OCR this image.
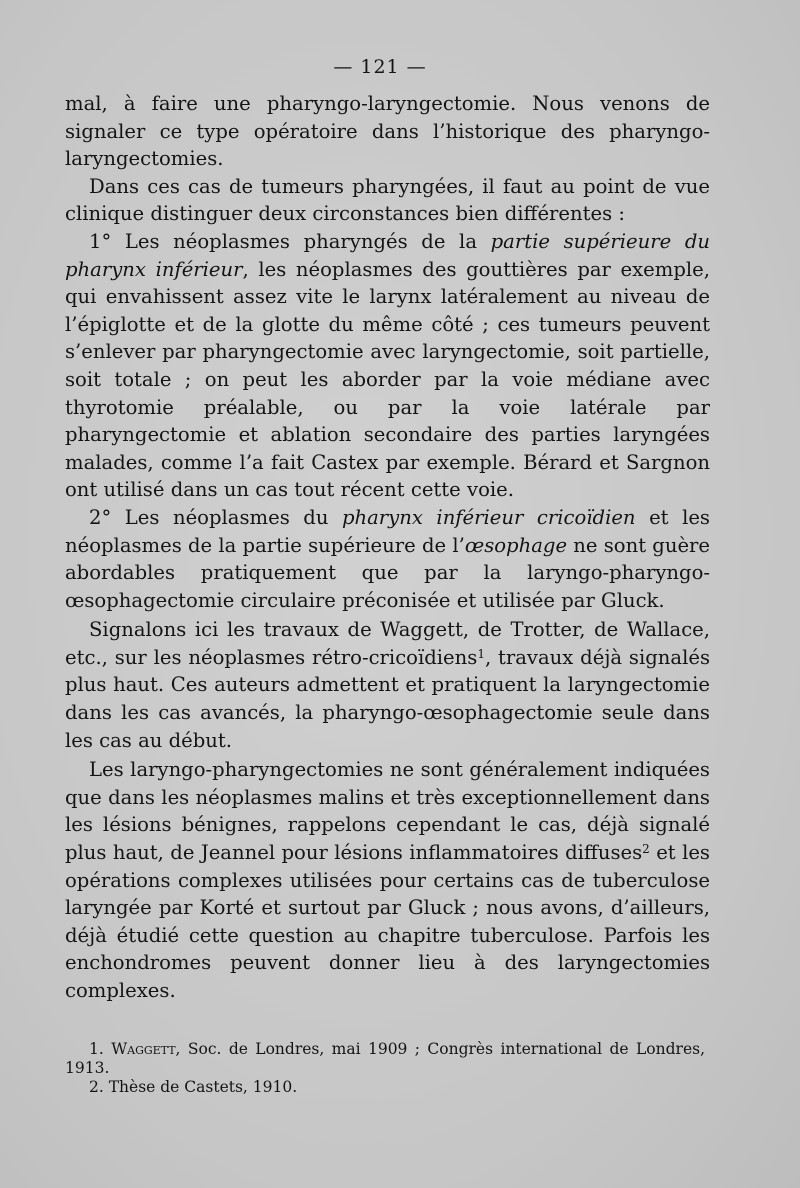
— 121 —

mal, à faire une pharyngo-laryngectomie. Nous venons de signaler ce type opératoire dans l’historique des pharyngo-laryngectomies.

Dans ces cas de tumeurs pharyngées, il faut au point de vue clinique distinguer deux circonstances bien différentes :

1° Les néoplasmes pharyngés de la partie supérieure du pharynx inférieur, les néoplasmes des gouttières par exemple, qui envahissent assez vite le larynx latéralement au niveau de l’épiglotte et de la glotte du même côté ; ces tumeurs peuvent s’enlever par pharyngectomie avec laryngectomie, soit partielle, soit totale ; on peut les aborder par la voie médiane avec thyrotomie préalable, ou par la voie latérale par pharyngectomie et ablation secondaire des parties laryngées malades, comme l’a fait Castex par exemple. Bérard et Sargnon ont utilisé dans un cas tout récent cette voie.

2° Les néoplasmes du pharynx inférieur cricoïdien et les néoplasmes de la partie supérieure de l’œsophage ne sont guère abordables pratiquement que par la laryngo-pharyngo-œsophagectomie circulaire préconisée et utilisée par Gluck.

Signalons ici les travaux de Waggett, de Trotter, de Wallace, etc., sur les néoplasmes rétro-cricoïdiens$^1$, travaux déjà signalés plus haut. Ces auteurs admettent et pratiquent la laryngectomie dans les cas avancés, la pharyngo-œsophagectomie seule dans les cas au début.

Les laryngo-pharyngectomies ne sont généralement indiquées que dans les néoplasmes malins et très exceptionnellement dans les lésions bénignes, rappelons cependant le cas, déjà signalé plus haut, de Jeannel pour lésions inflammatoires diffuses$^2$ et les opérations complexes utilisées pour certains cas de tuberculose laryngée par Korté et surtout par Gluck ; nous avons, d’ailleurs, déjà étudié cette question au chapitre tuberculose. Parfois les enchondromes peuvent donner lieu à des laryngectomies complexes.

1. Waggett, Soc. de Londres, mai 1909 ; Congrès international de Londres, 1913.

2. Thèse de Castets, 1910.
